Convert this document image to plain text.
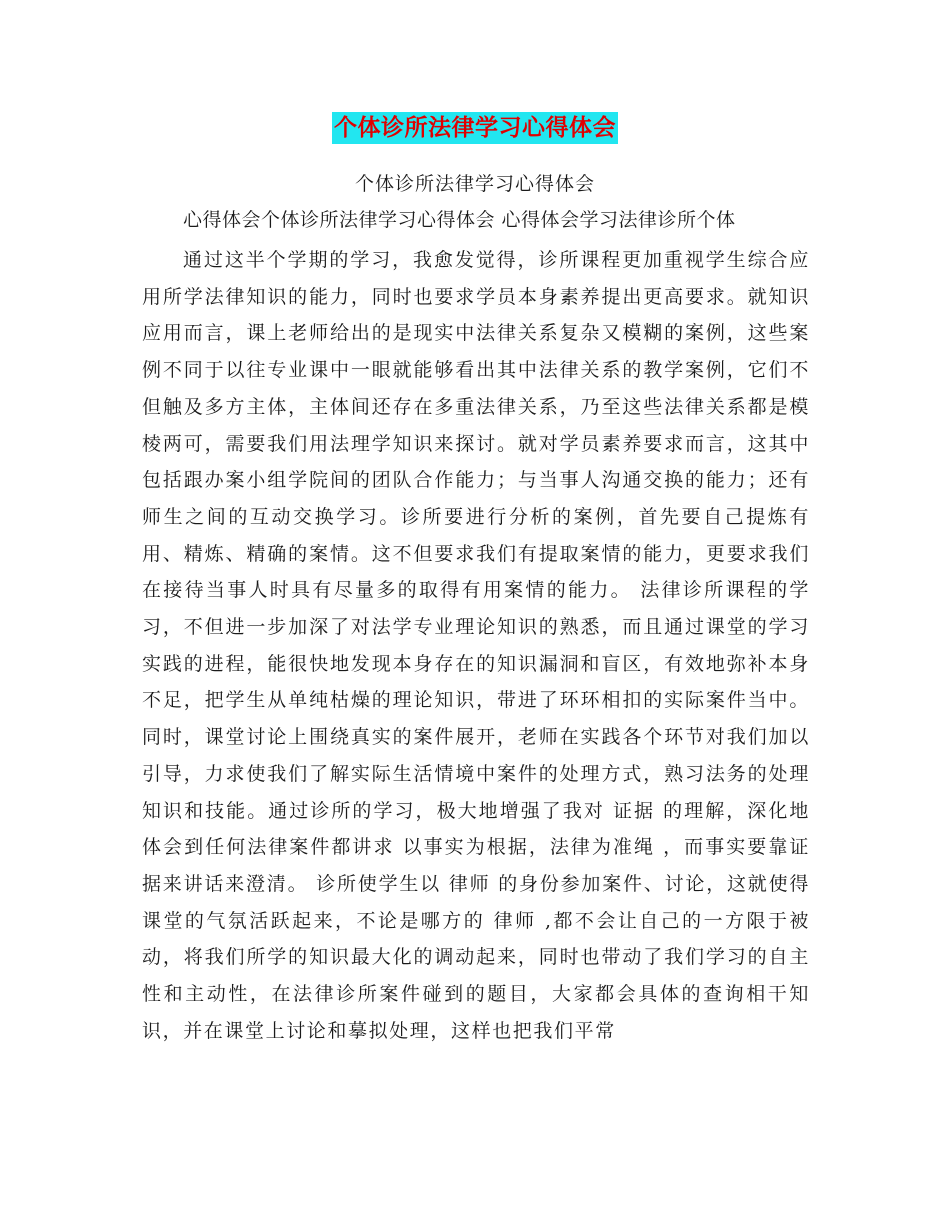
个体诊所法律学习心得体会
个体诊所法律学习心得体会
心得体会个体诊所法律学习心得体会 心得体会学习法律诊所个体

通过这半个学期的学习，我愈发觉得，诊所课程更加重视学生综合应用所学法律知识的能力，同时也要求学员本身素养提出更高要求。就知识应用而言，课上老师给出的是现实中法律关系复杂又模糊的案例，这些案例不同于以往专业课中一眼就能够看出其中法律关系的教学案例，它们不但触及多方主体，主体间还存在多重法律关系，乃至这些法律关系都是模棱两可，需要我们用法理学知识来探讨。就对学员素养要求而言，这其中包括跟办案小组学院间的团队合作能力；与当事人沟通交换的能力；还有师生之间的互动交换学习。诊所要进行分析的案例，首先要自己提炼有用、精炼、精确的案情。这不但要求我们有提取案情的能力，更要求我们在接待当事人时具有尽量多的取得有用案情的能力。 法律诊所课程的学习，不但进一步加深了对法学专业理论知识的熟悉，而且通过课堂的学习实践的进程，能很快地发现本身存在的知识漏洞和盲区，有效地弥补本身不足，把学生从单纯枯燥的理论知识，带进了环环相扣的实际案件当中。同时，课堂讨论上围绕真实的案件展开，老师在实践各个环节对我们加以引导，力求使我们了解实际生活情境中案件的处理方式，熟习法务的处理知识和技能。通过诊所的学习，极大地增强了我对 证据 的理解，深化地体会到任何法律案件都讲求 以事实为根据，法律为准绳 ，而事实要靠证据来讲话来澄清。 诊所使学生以 律师 的身份参加案件、讨论，这就使得课堂的气氛活跃起来，不论是哪方的 律师 ,都不会让自己的一方限于被动，将我们所学的知识最大化的调动起来，同时也带动了我们学习的自主性和主动性，在法律诊所案件碰到的题目，大家都会具体的查询相干知识，并在课堂上讨论和摹拟处理，这样也把我们平常
